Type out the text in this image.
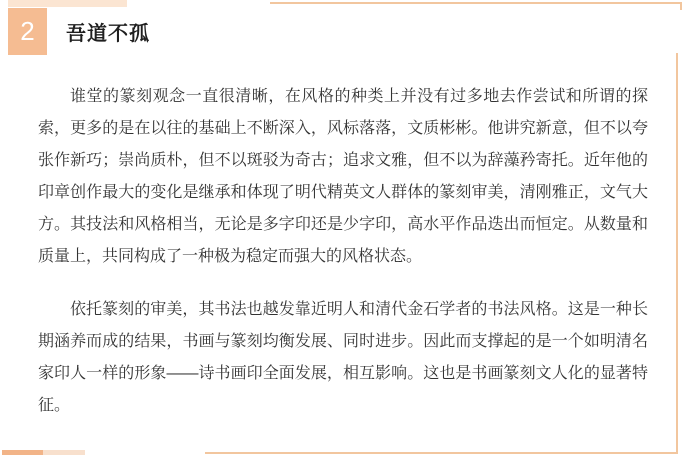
2	吾道不孤

谁堂的篆刻观念一直很清晰，在风格的种类上并没有过多地去作尝试和所谓的探索，更多的是在以往的基础上不断深入，风标落落，文质彬彬。他讲究新意，但不以夸张作新巧；崇尚质朴，但不以斑驳为奇古；追求文雅，但不以为辞藻矜寄托。近年他的印章创作最大的变化是继承和体现了明代精英文人群体的篆刻审美，清刚雅正，文气大方。其技法和风格相当，无论是多字印还是少字印，高水平作品迭出而恒定。从数量和质量上，共同构成了一种极为稳定而强大的风格状态。

依托篆刻的审美，其书法也越发靠近明人和清代金石学者的书法风格。这是一种长期涵养而成的结果，书画与篆刻均衡发展、同时进步。因此而支撑起的是一个如明清名家印人一样的形象——诗书画印全面发展，相互影响。这也是书画篆刻文人化的显著特征。
